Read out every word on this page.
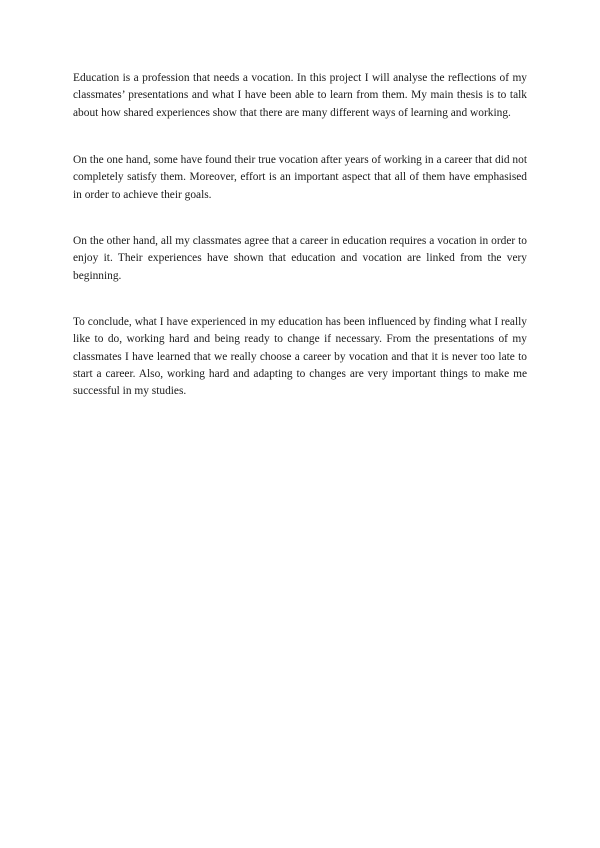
Education is a profession that needs a vocation. In this project I will analyse the reflections of my classmates’ presentations and what I have been able to learn from them. My main thesis is to talk about how shared experiences show that there are many different ways of learning and working.

On the one hand, some have found their true vocation after years of working in a career that did not completely satisfy them. Moreover, effort is an important aspect that all of them have emphasised in order to achieve their goals.

On the other hand, all my classmates agree that a career in education requires a vocation in order to enjoy it. Their experiences have shown that education and vocation are linked from the very beginning.

To conclude, what I have experienced in my education has been influenced by finding what I really like to do, working hard and being ready to change if necessary. From the presentations of my classmates I have learned that we really choose a career by vocation and that it is never too late to start a career. Also, working hard and adapting to changes are very important things to make me successful in my studies.
